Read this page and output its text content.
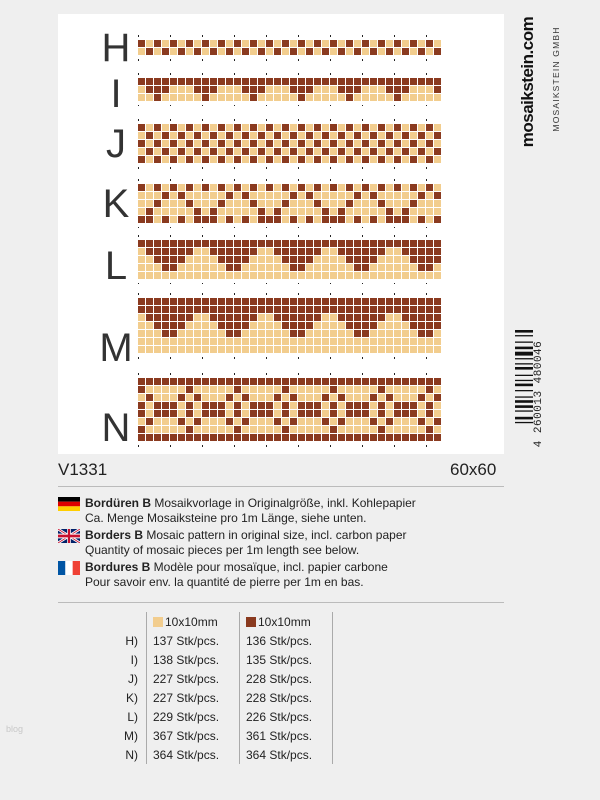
mosaikstein.com MOSAIKSTEIN GMBH
4 260013 480046
H
I
J
K
L
M
N
V1331	60x60
Bordüren B Mosaikvorlage in Originalgröße, inkl. Kohlepapier
Ca. Menge Mosaiksteine pro 1m Länge, siehe unten.
Borders B Mosaic pattern in original size, incl. carbon paper
Quantity of mosaic pieces per 1m length see below.
Bordures B Modèle pour mosaïque, incl. papier carbone
Pour savoir env. la quantité de pierre per 1m en bas.
	10x10mm	10x10mm
H)	137 Stk/pcs.	136 Stk/pcs.
I)	138 Stk/pcs.	135 Stk/pcs.
J)	227 Stk/pcs.	228 Stk/pcs.
K)	227 Stk/pcs.	228 Stk/pcs.
L)	229 Stk/pcs.	226 Stk/pcs.
M)	367 Stk/pcs.	361 Stk/pcs.
N)	364 Stk/pcs.	364 Stk/pcs.
blog
